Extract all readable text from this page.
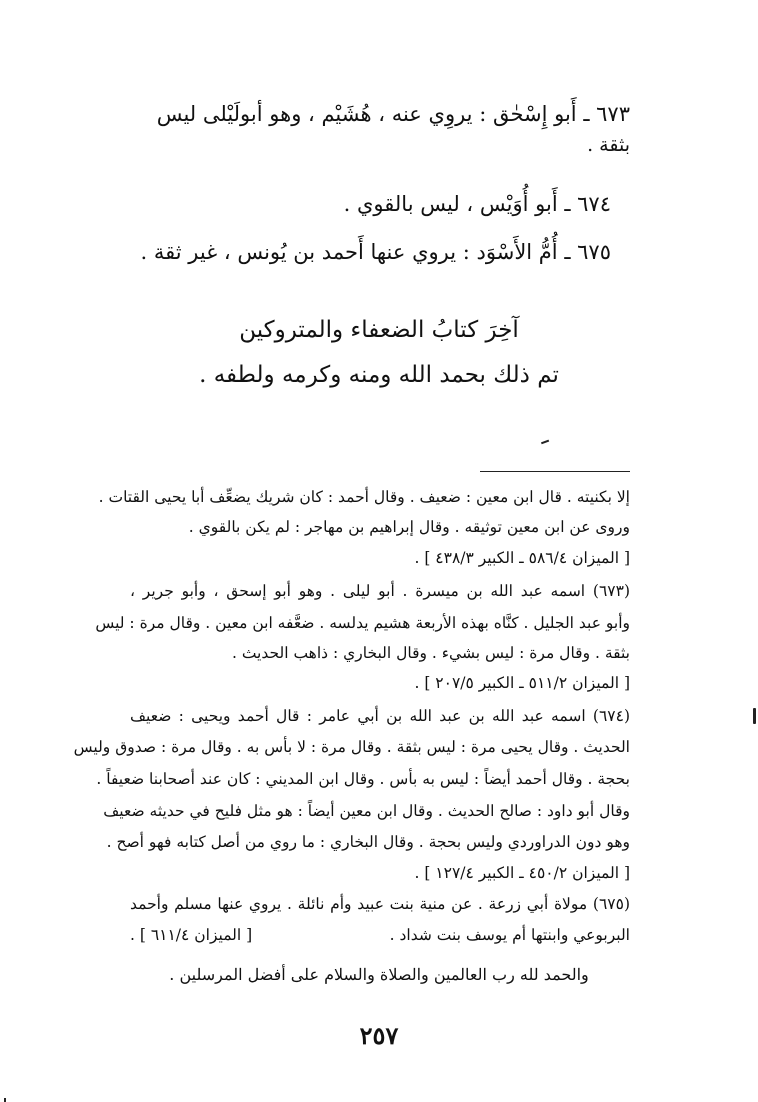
٦٧٣ ـ أَبو إِسْحٰق : يروِي عنه ، هُشَيْم ، وهو أبولَيْلى ليس
بثقة .
٦٧٤ ـ أَبو أُوَيْس ، ليس بالقوي .
٦٧٥ ـ أُمُّ الأَسْوَد : يروي عنها أَحمد بن يُونس ، غير ثقة .
آخِرَ كتابُ الضعفاء والمتروكين
تم ذلك بحمد الله ومنه وكرمه ولطفه .
إلا بكنيته . قال ابن معين : ضعيف . وقال أحمد : كان شريك يضعِّف أبا يحيى القتات .
وروى عن ابن معين توثيقه . وقال إبراهيم بن مهاجر : لم يكن بالقوي .
[ الميزان ٥٨٦/٤ ـ الكبير ٤٣٨/٣ ] .
(٦٧٣) اسمه عبد الله بن ميسرة . أبو ليلى . وهو أبو إسحق ، وأبو جرير ،
وأبو عبد الجليل . كنَّاه بهذه الأربعة هشيم يدلسه . ضعَّفه ابن معين . وقال مرة : ليس
بثقة . وقال مرة : ليس بشيء . وقال البخاري : ذاهب الحديث .
[ الميزان ٥١١/٢ ـ الكبير ٢٠٧/٥ ] .
(٦٧٤) اسمه عبد الله بن عبد الله بن أبي عامر : قال أحمد ويحيى : ضعيف
الحديث . وقال يحيى مرة : ليس بثقة . وقال مرة : لا بأس به . وقال مرة : صدوق وليس
بحجة . وقال أحمد أيضاً : ليس به بأس . وقال ابن المديني : كان عند أصحابنا ضعيفاً .
وقال أبو داود : صالح الحديث . وقال ابن معين أيضاً : هو مثل فليح في حديثه ضعيف
وهو دون الدراوردي وليس بحجة . وقال البخاري : ما روي من أصل كتابه فهو أصح .
[ الميزان ٤٥٠/٢ ـ الكبير ١٢٧/٤ ] .
(٦٧٥) مولاة أبي زرعة . عن منية بنت عبيد وأم نائلة . يروي عنها مسلم وأحمد
البربوعي وابنتها أم يوسف بنت شداد .
[ الميزان ٦١١/٤ ] .
والحمد لله رب العالمين والصلاة والسلام على أفضل المرسلين .
٢٥٧
